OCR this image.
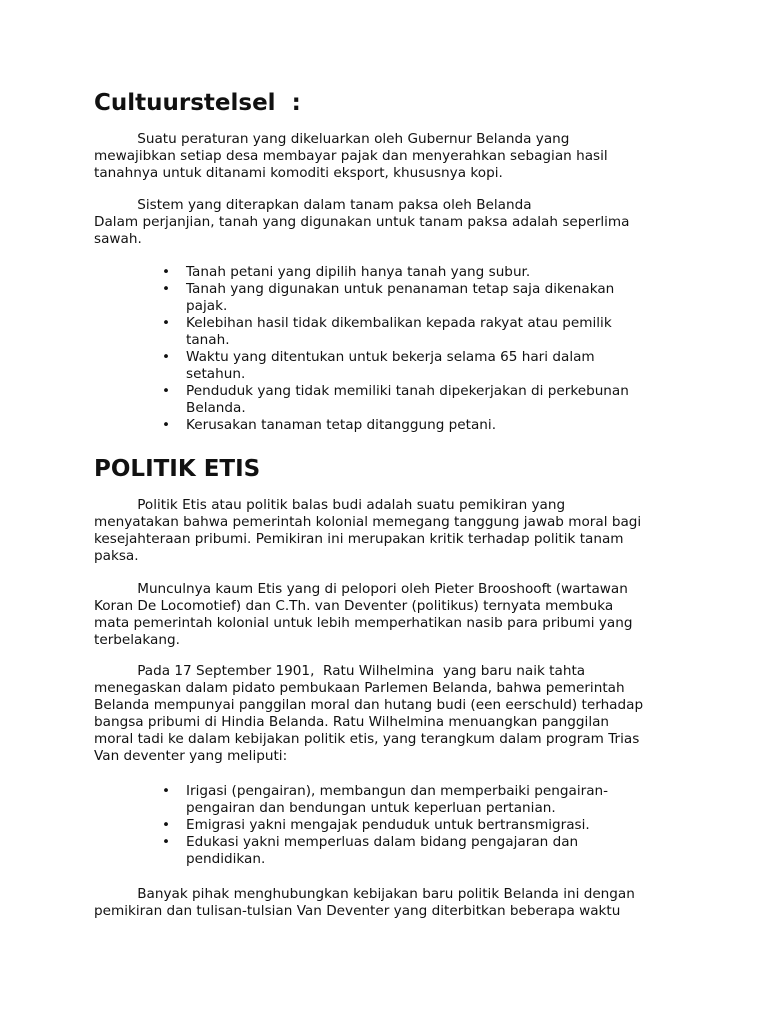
Cultuurstelsel  :

Suatu peraturan yang dikeluarkan oleh Gubernur Belanda yang
mewajibkan setiap desa membayar pajak dan menyerahkan sebagian hasil
tanahnya untuk ditanami komoditi eksport, khususnya kopi.

Sistem yang diterapkan dalam tanam paksa oleh Belanda
Dalam perjanjian, tanah yang digunakan untuk tanam paksa adalah seperlima
sawah.

• Tanah petani yang dipilih hanya tanah yang subur.
• Tanah yang digunakan untuk penanaman tetap saja dikenakan
pajak.
• Kelebihan hasil tidak dikembalikan kepada rakyat atau pemilik
tanah.
• Waktu yang ditentukan untuk bekerja selama 65 hari dalam
setahun.
• Penduduk yang tidak memiliki tanah dipekerjakan di perkebunan
Belanda.
• Kerusakan tanaman tetap ditanggung petani.
POLITIK ETIS

Politik Etis atau politik balas budi adalah suatu pemikiran yang
menyatakan bahwa pemerintah kolonial memegang tanggung jawab moral bagi
kesejahteraan pribumi. Pemikiran ini merupakan kritik terhadap politik tanam
paksa.

Munculnya kaum Etis yang di pelopori oleh Pieter Brooshooft (wartawan
Koran De Locomotief) dan C.Th. van Deventer (politikus) ternyata membuka
mata pemerintah kolonial untuk lebih memperhatikan nasib para pribumi yang
terbelakang.

Pada 17 September 1901,  Ratu Wilhelmina  yang baru naik tahta
menegaskan dalam pidato pembukaan Parlemen Belanda, bahwa pemerintah
Belanda mempunyai panggilan moral dan hutang budi (een eerschuld) terhadap
bangsa pribumi di Hindia Belanda. Ratu Wilhelmina menuangkan panggilan
moral tadi ke dalam kebijakan politik etis, yang terangkum dalam program Trias
Van deventer yang meliputi:

• Irigasi (pengairan), membangun dan memperbaiki pengairan-
pengairan dan bendungan untuk keperluan pertanian.
• Emigrasi yakni mengajak penduduk untuk bertransmigrasi.
• Edukasi yakni memperluas dalam bidang pengajaran dan
pendidikan.

Banyak pihak menghubungkan kebijakan baru politik Belanda ini dengan
pemikiran dan tulisan-tulsian Van Deventer yang diterbitkan beberapa waktu
